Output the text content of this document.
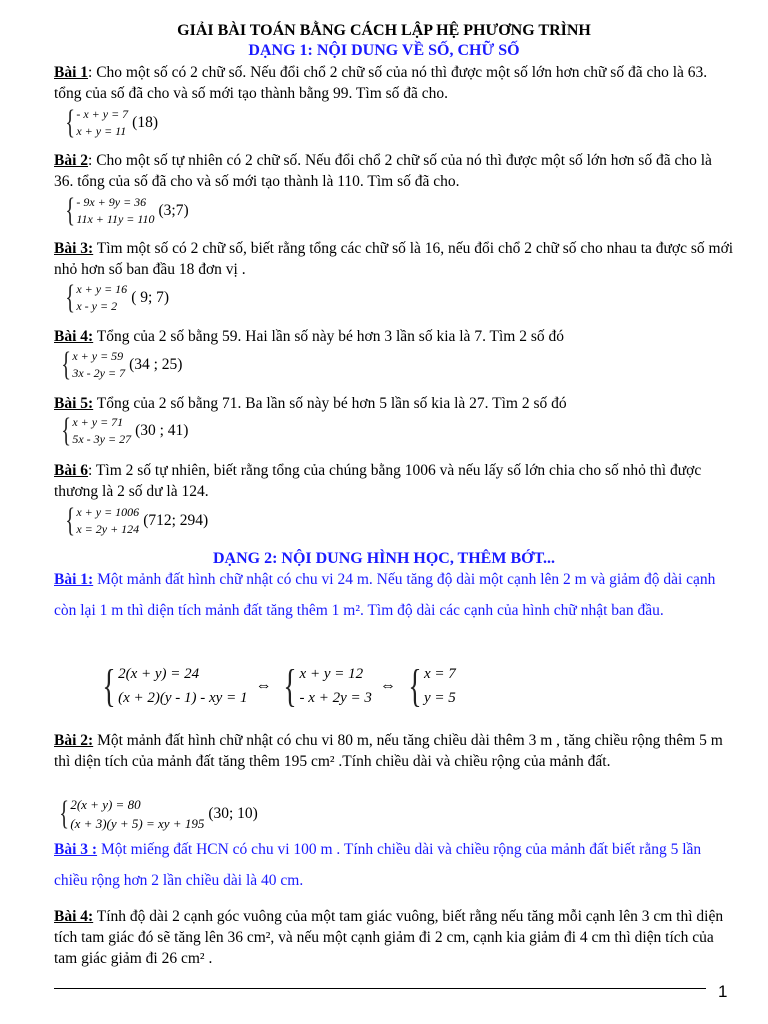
GIẢI BÀI TOÁN BẰNG CÁCH LẬP HỆ PHƯƠNG TRÌNH
DẠNG 1: NỘI DUNG VỀ SỐ, CHỮ SỐ
Bài 1: Cho một số có 2 chữ số. Nếu đổi chổ 2 chữ số của nó thì được một số lớn hơn chữ số đã cho là 63. tổng của số đã cho và số mới tạo thành bằng 99. Tìm số đã cho.
{ - x + y = 7
x + y = 11 (18)
Bài 2: Cho một số tự nhiên có 2 chữ số. Nếu đổi chổ 2 chữ số của nó thì được một số lớn hơn số đã cho là 36. tổng của số đã cho và số mới tạo thành là 110. Tìm số đã cho.
{ - 9x + 9y = 36
11x + 11y = 110 (3;7)
Bài 3: Tìm một số có 2 chữ số, biết rằng tổng các chữ số là 16, nếu đổi chổ 2 chữ số cho nhau ta được số mới nhỏ hơn số ban đầu 18 đơn vị .
{ x + y = 16
x - y = 2 ( 9; 7)
Bài 4: Tổng của 2 số bằng 59. Hai lần số này bé hơn 3 lần số kia là 7. Tìm 2 số đó
{ x + y = 59
3x - 2y = 7 (34 ; 25)
Bài 5: Tổng của 2 số bằng 71. Ba lần số này bé hơn 5 lần số kia là 27. Tìm 2 số đó
{ x + y = 71
5x - 3y = 27 (30 ; 41)
Bài 6: Tìm 2 số tự nhiên, biết rằng tổng của chúng bằng 1006 và nếu lấy số lớn chia cho số nhỏ thì được thương là 2 số dư là 124.
{ x + y = 1006
x = 2y + 124 (712; 294)
DẠNG 2: NỘI DUNG HÌNH HỌC, THÊM BỚT...
Bài 1: Một mảnh đất hình chữ nhật có chu vi 24 m. Nếu tăng độ dài một cạnh lên 2 m và giảm độ dài cạnh còn lại 1 m thì diện tích mảnh đất tăng thêm 1 m². Tìm độ dài các cạnh của hình chữ nhật ban đầu.
{ 2(x + y) = 24
(x + 2)(y - 1) - xy = 1
⇔ { x + y = 12
- x + 2y = 3
⇔ { x = 7
y = 5
Bài 2: Một mảnh đất hình chữ nhật có chu vi 80 m, nếu tăng chiều dài thêm 3 m , tăng chiều rộng thêm 5 m thì diện tích của mảnh đất tăng thêm 195 cm² .Tính chiều dài và chiều rộng của mảnh đất.
{ 2(x + y) = 80
(x + 3)(y + 5) = xy + 195
(30; 10)
Bài 3 : Một miếng đất HCN có chu vi 100 m . Tính chiều dài và chiều rộng của mảnh đất biết rằng 5 lần chiều rộng hơn 2 lần chiều dài là 40 cm.
Bài 4: Tính độ dài 2 cạnh góc vuông của một tam giác vuông, biết rằng nếu tăng mỗi cạnh lên 3 cm thì diện tích tam giác đó sẽ tăng lên 36 cm², và nếu một cạnh giảm đi 2 cm, cạnh kia giảm đi 4 cm thì diện tích của tam giác giảm đi 26 cm² .
1
